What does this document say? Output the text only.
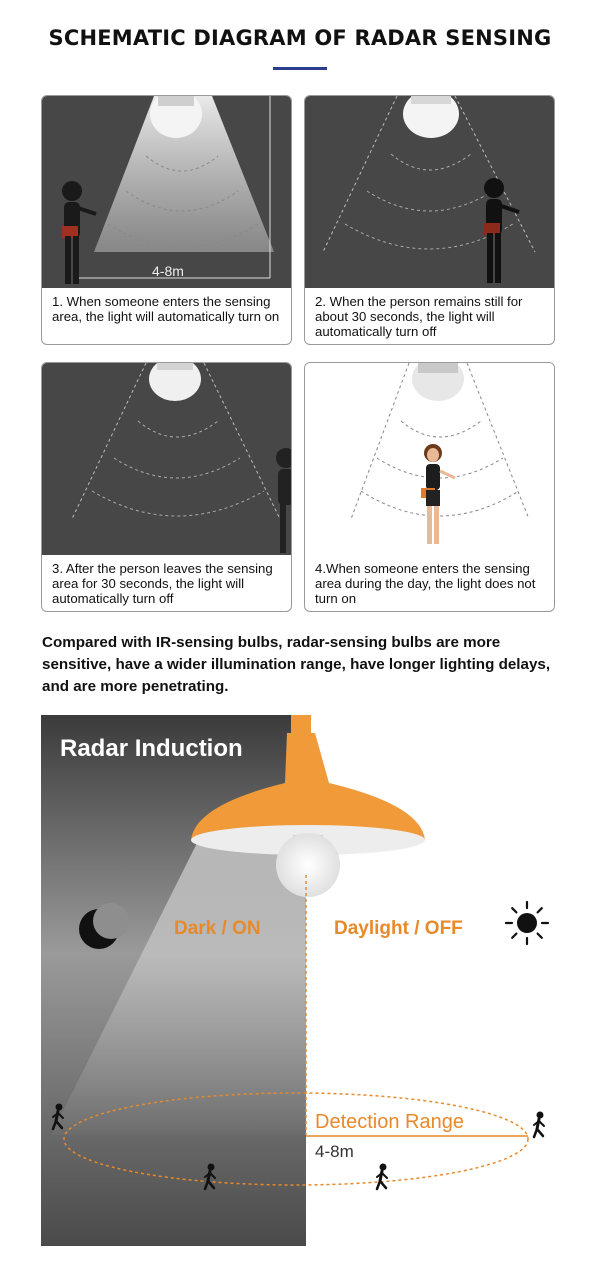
SCHEMATIC DIAGRAM OF RADAR SENSING
4-8m
1. When someone enters the sensing area, the light will automatically turn on
2. When the person remains still for about 30 seconds, the light will automatically turn off
3. After the person leaves the sensing area for 30 seconds, the light will automatically turn off
4.When someone enters the sensing area during the day, the light does not turn on
Compared with IR-sensing bulbs, radar-sensing bulbs are more sensitive, have a wider illumination range, have longer lighting delays, and are more penetrating.
Radar Induction
Dark / ON	Daylight / OFF
Detection Range
4-8m
